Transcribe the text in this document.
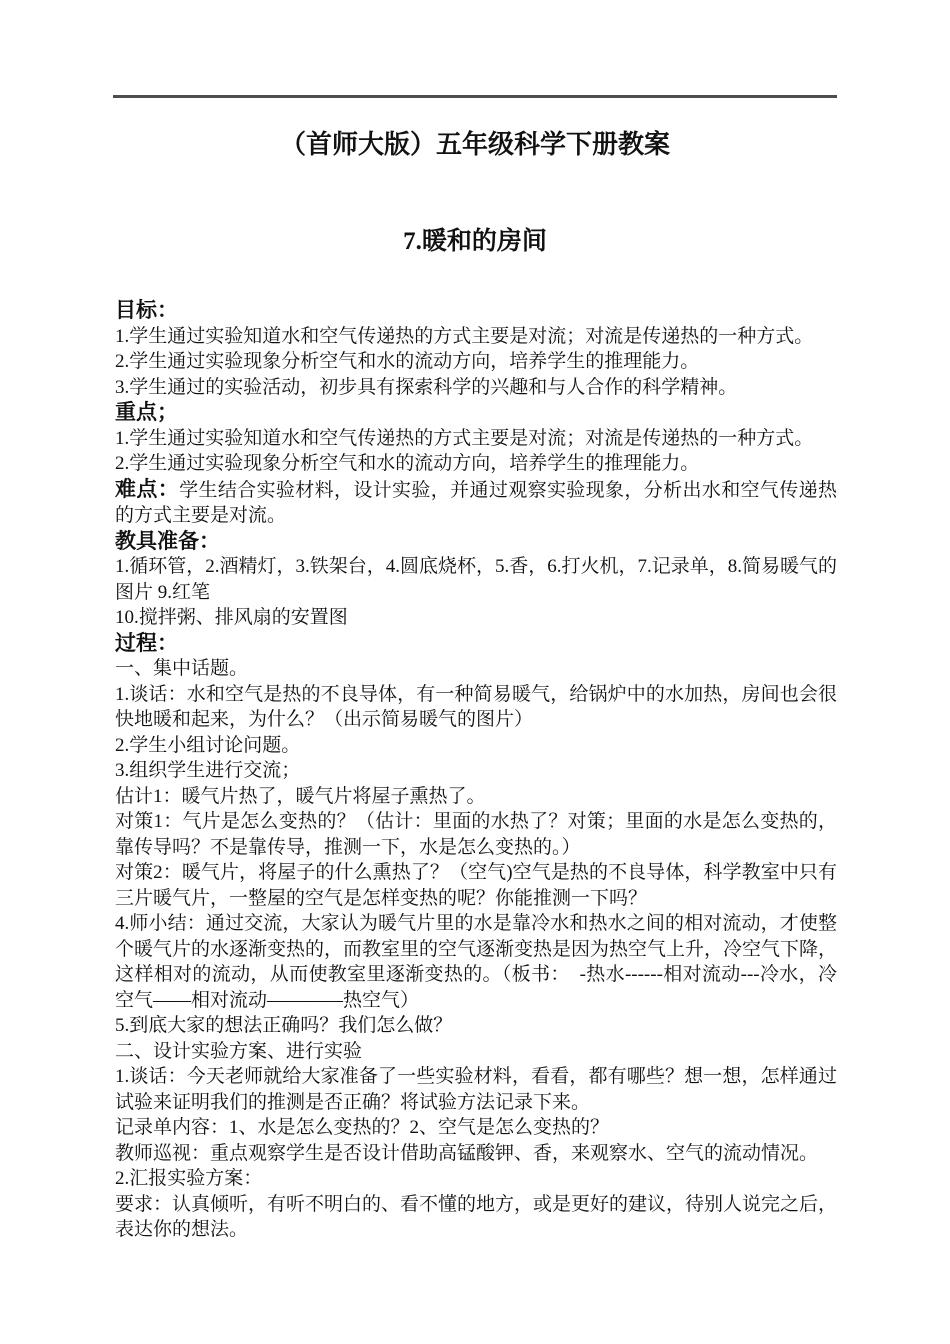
（首师大版）五年级科学下册教案
7.暖和的房间

目标：

1.学生通过实验知道水和空气传递热的方式主要是对流；对流是传递热的一种方式。

2.学生通过实验现象分析空气和水的流动方向，培养学生的推理能力。

3.学生通过的实验活动，初步具有探索科学的兴趣和与人合作的科学精神。

重点；

1.学生通过实验知道水和空气传递热的方式主要是对流；对流是传递热的一种方式。

2.学生通过实验现象分析空气和水的流动方向，培养学生的推理能力。

难点：学生结合实验材料，设计实验，并通过观察实验现象，分析出水和空气传递热的方式主要是对流。

教具准备：

1.循环管，2.酒精灯，3.铁架台，4.圆底烧杯，5.香，6.打火机，7.记录单，8.简易暖气的图片 9.红笔

10.搅拌粥、排风扇的安置图

过程：

一、集中话题。

1.谈话：水和空气是热的不良导体，有一种简易暖气，给锅炉中的水加热，房间也会很快地暖和起来，为什么？（出示简易暖气的图片）

2.学生小组讨论问题。

3.组织学生进行交流；

估计1：暖气片热了，暖气片将屋子熏热了。

对策1：气片是怎么变热的？（估计：里面的水热了？对策；里面的水是怎么变热的，靠传导吗？不是靠传导，推测一下，水是怎么变热的。）

对策2：暖气片，将屋子的什么熏热了？（空气)空气是热的不良导体，科学教室中只有三片暖气片，一整屋的空气是怎样变热的呢？你能推测一下吗？

4.师小结：通过交流，大家认为暖气片里的水是靠冷水和热水之间的相对流动，才使整个暖气片的水逐渐变热的，而教室里的空气逐渐变热是因为热空气上升，冷空气下降，这样相对的流动，从而使教室里逐渐变热的。（板书：　-热水------相对流动---冷水，冷空气——相对流动————热空气）

5.到底大家的想法正确吗？我们怎么做？

二、设计实验方案、进行实验

1.谈话：今天老师就给大家准备了一些实验材料，看看，都有哪些？想一想，怎样通过试验来证明我们的推测是否正确？将试验方法记录下来。

记录单内容：1、水是怎么变热的？2、空气是怎么变热的？

教师巡视：重点观察学生是否设计借助高锰酸钾、香，来观察水、空气的流动情况。

2.汇报实验方案：

要求：认真倾听，有听不明白的、看不懂的地方，或是更好的建议，待别人说完之后，表达你的想法。
